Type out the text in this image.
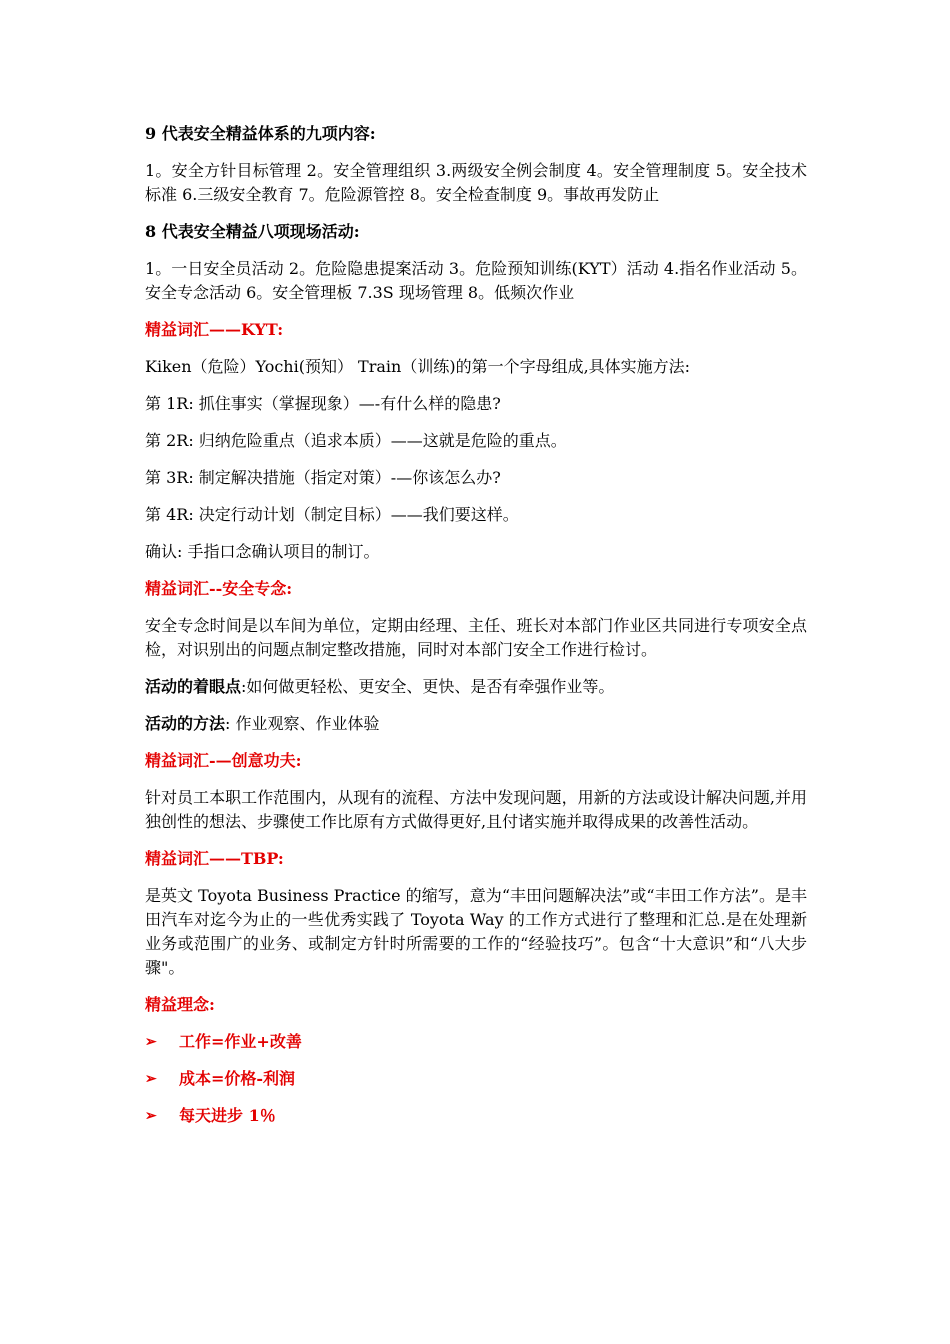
9 代表安全精益体系的九项内容:

1。安全方针目标管理 2。安全管理组织 3.两级安全例会制度 4。安全管理制度 5。安全技术标准 6.三级安全教育 7。危险源管控 8。安全检查制度 9。事故再发防止

8 代表安全精益八项现场活动:

1。一日安全员活动 2。危险隐患提案活动 3。危险预知训练(KYT）活动 4.指名作业活动 5。安全专念活动 6。安全管理板 7.3S 现场管理 8。低频次作业

精益词汇——KYT:

Kiken（危险）Yochi(预知） Train（训练)的第一个字母组成,具体实施方法:

第 1R: 抓住事实（掌握现象）—-有什么样的隐患?

第 2R: 归纳危险重点（追求本质）——这就是危险的重点。

第 3R: 制定解决措施（指定对策）-—你该怎么办?

第 4R: 决定行动计划（制定目标）——我们要这样。

确认: 手指口念确认项目的制订。

精益词汇--安全专念:

安全专念时间是以车间为单位，定期由经理、主任、班长对本部门作业区共同进行专项安全点检，对识别出的问题点制定整改措施，同时对本部门安全工作进行检讨。

活动的着眼点:如何做更轻松、更安全、更快、是否有牵强作业等。

活动的方法: 作业观察、作业体验

精益词汇-—创意功夫:

针对员工本职工作范围内，从现有的流程、方法中发现问题，用新的方法或设计解决问题,并用独创性的想法、步骤使工作比原有方式做得更好,且付诸实施并取得成果的改善性活动。

精益词汇——TBP:

是英文 Toyota Business Practice 的缩写，意为“丰田问题解决法”或“丰田工作方法”。是丰田汽车对迄今为止的一些优秀实践了 Toyota Way 的工作方式进行了整理和汇总.是在处理新业务或范围广的业务、或制定方针时所需要的工作的“经验技巧”。包含“十大意识”和“八大步骤"。

精益理念:

➢	工作=作业+改善
➢	成本=价格-利润
➢	每天进步 1％
